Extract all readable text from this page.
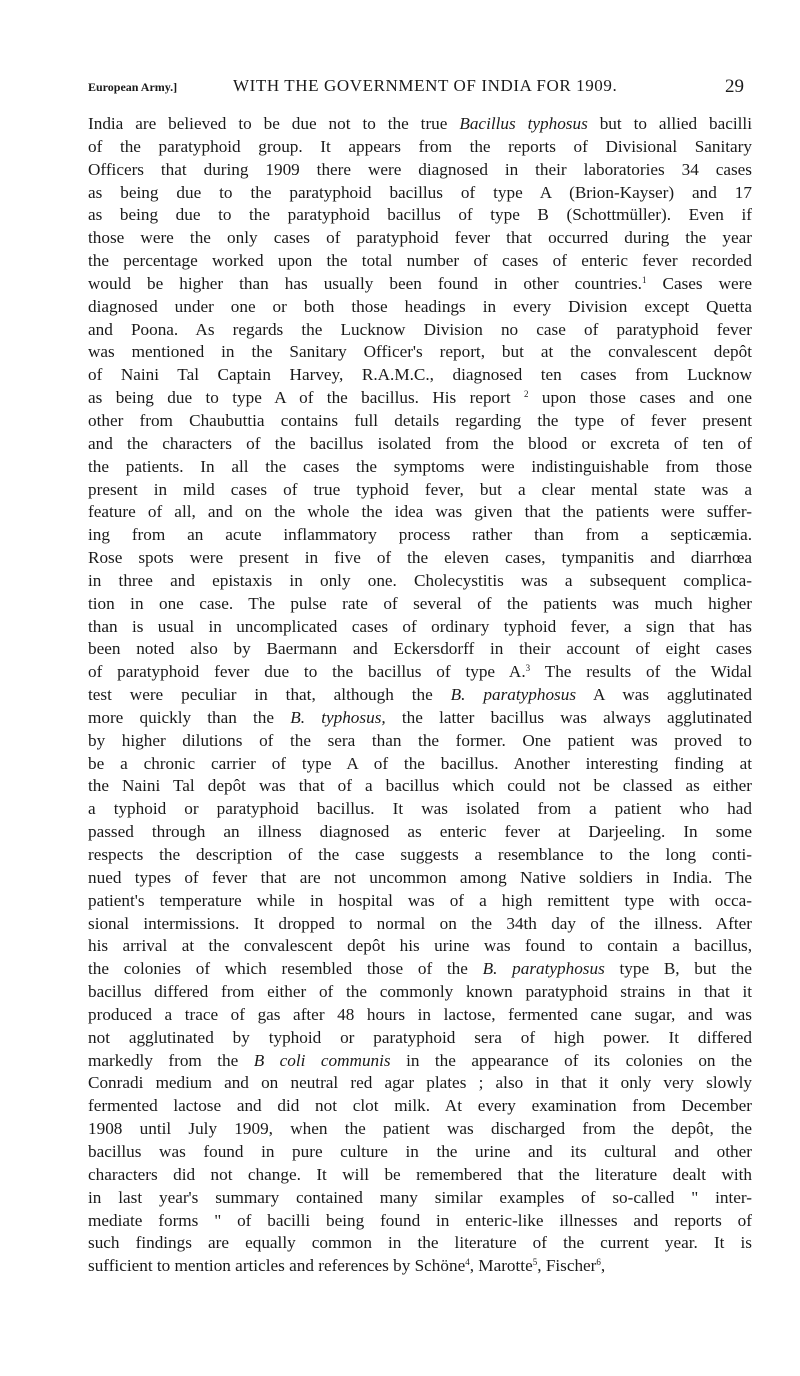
European Army.]	WITH THE GOVERNMENT OF INDIA FOR 1909.	29
India are believed to be due not to the true Bacillus typhosus but to allied bacilli
of the paratyphoid group. It appears from the reports of Divisional Sanitary
Officers that during 1909 there were diagnosed in their laboratories 34 cases
as being due to the paratyphoid bacillus of type A (Brion-Kayser) and 17
as being due to the paratyphoid bacillus of type B (Schottmüller). Even if
those were the only cases of paratyphoid fever that occurred during the year
the percentage worked upon the total number of cases of enteric fever recorded
would be higher than has usually been found in other countries.$^1$ Cases were
diagnosed under one or both those headings in every Division except Quetta
and Poona. As regards the Lucknow Division no case of paratyphoid fever
was mentioned in the Sanitary Officer's report, but at the convalescent depôt
of Naini Tal Captain Harvey, R.A.M.C., diagnosed ten cases from Lucknow
as being due to type A of the bacillus. His report $^2$ upon those cases and one
other from Chaubuttia contains full details regarding the type of fever present
and the characters of the bacillus isolated from the blood or excreta of ten of
the patients. In all the cases the symptoms were indistinguishable from those
present in mild cases of true typhoid fever, but a clear mental state was a
feature of all, and on the whole the idea was given that the patients were suffer-
ing from an acute inflammatory process rather than from a septicæmia.
Rose spots were present in five of the eleven cases, tympanitis and diarrhœa
in three and epistaxis in only one. Cholecystitis was a subsequent complica-
tion in one case. The pulse rate of several of the patients was much higher
than is usual in uncomplicated cases of ordinary typhoid fever, a sign that has
been noted also by Baermann and Eckersdorff in their account of eight cases
of paratyphoid fever due to the bacillus of type A.$^3$ The results of the Widal
test were peculiar in that, although the B. paratyphosus A was agglutinated
more quickly than the B. typhosus, the latter bacillus was always agglutinated
by higher dilutions of the sera than the former. One patient was proved to
be a chronic carrier of type A of the bacillus. Another interesting finding at
the Naini Tal depôt was that of a bacillus which could not be classed as either
a typhoid or paratyphoid bacillus. It was isolated from a patient who had
passed through an illness diagnosed as enteric fever at Darjeeling. In some
respects the description of the case suggests a resemblance to the long conti-
nued types of fever that are not uncommon among Native soldiers in India. The
patient's temperature while in hospital was of a high remittent type with occa-
sional intermissions. It dropped to normal on the 34th day of the illness. After
his arrival at the convalescent depôt his urine was found to contain a bacillus,
the colonies of which resembled those of the B. paratyphosus type B, but the
bacillus differed from either of the commonly known paratyphoid strains in that it
produced a trace of gas after 48 hours in lactose, fermented cane sugar, and was
not agglutinated by typhoid or paratyphoid sera of high power. It differed
markedly from the B coli communis in the appearance of its colonies on the
Conradi medium and on neutral red agar plates ; also in that it only very slowly
fermented lactose and did not clot milk. At every examination from December
1908 until July 1909, when the patient was discharged from the depôt, the
bacillus was found in pure culture in the urine and its cultural and other
characters did not change. It will be remembered that the literature dealt with
in last year's summary contained many similar examples of so-called " inter-
mediate forms " of bacilli being found in enteric-like illnesses and reports of
such findings are equally common in the literature of the current year. It is
sufficient to mention articles and references by Schöne$^4$, Marotte$^5$, Fischer$^6$,
